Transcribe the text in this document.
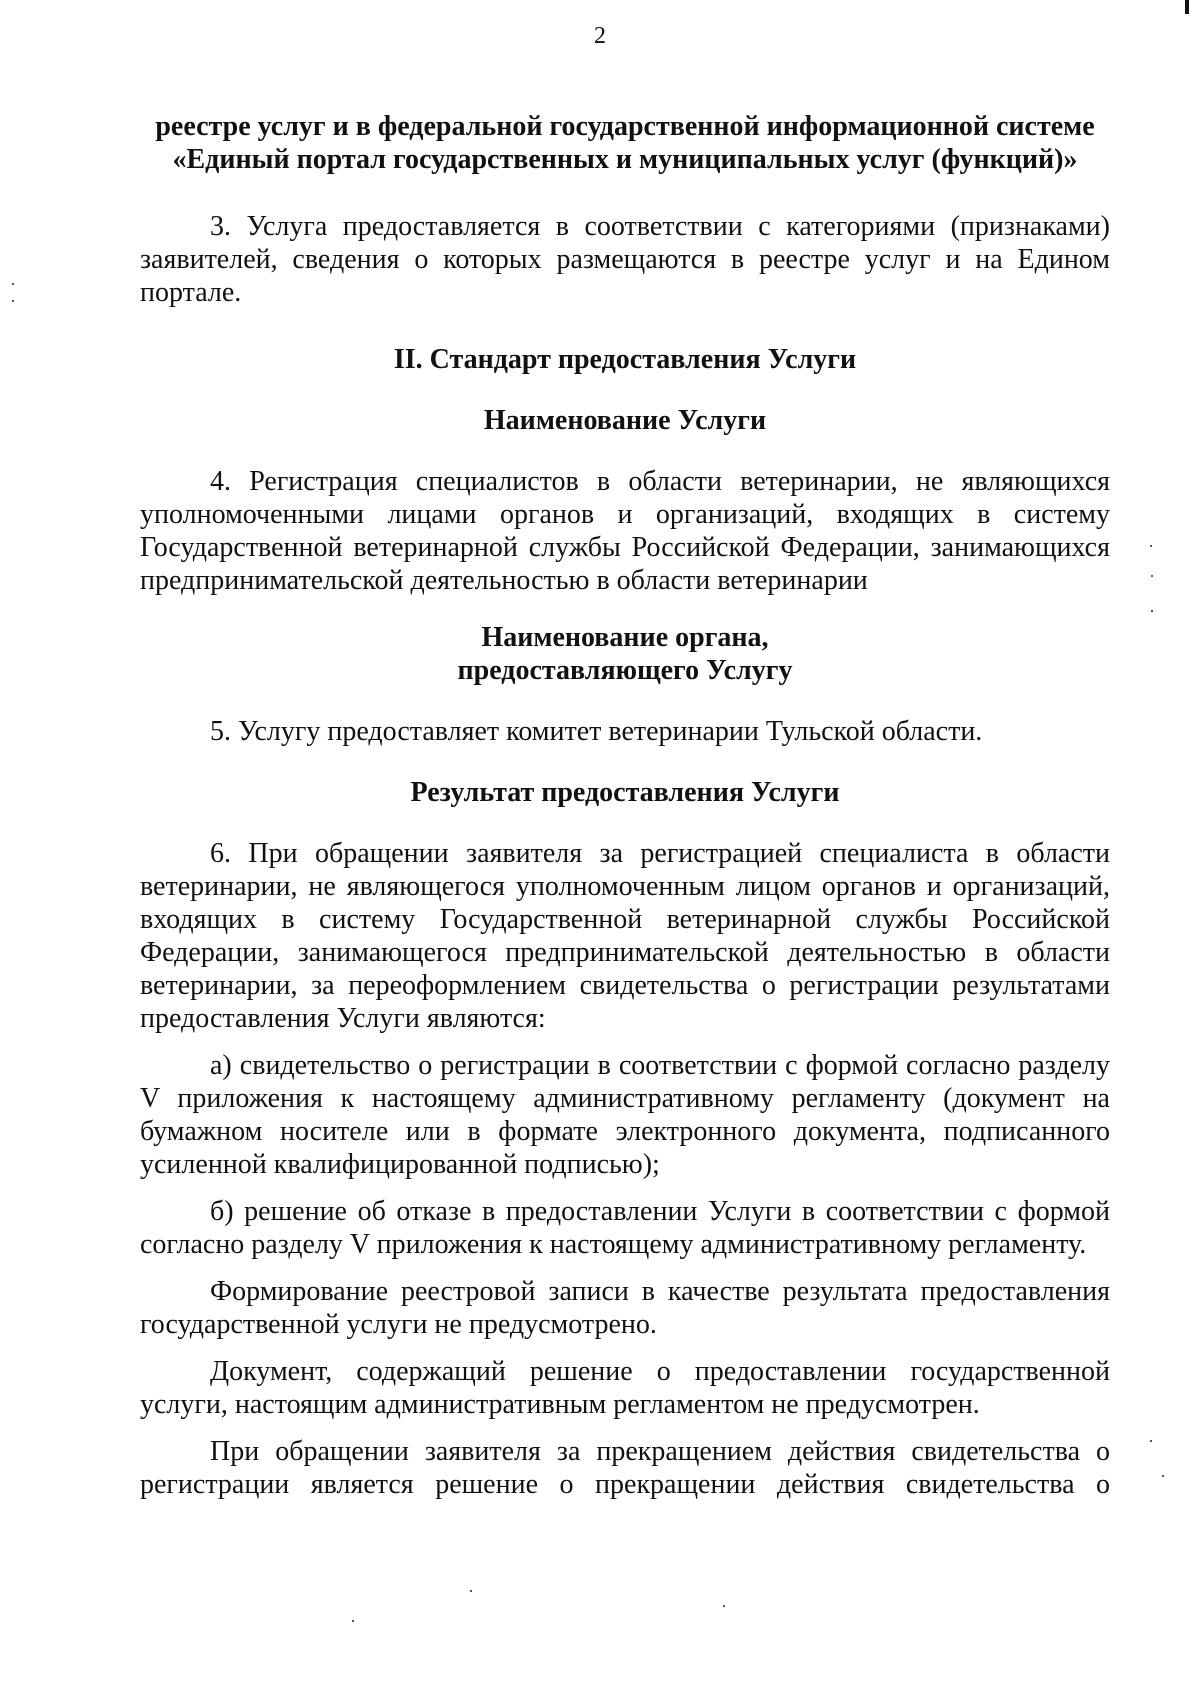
2
реестре услуг и в федеральной государственной информационной системе
«Единый портал государственных и муниципальных услуг (функций)»

3. Услуга предоставляется в соответствии с категориями (признаками) заявителей, сведения о которых размещаются в реестре услуг и на Едином портале.

II. Стандарт предоставления Услуги
Наименование Услуги

4. Регистрация специалистов в области ветеринарии, не являющихся уполномоченными лицами органов и организаций, входящих в систему Государственной ветеринарной службы Российской Федерации, занимающихся предпринимательской деятельностью в области ветеринарии

Наименование органа,
предоставляющего Услугу

5. Услугу предоставляет комитет ветеринарии Тульской области.

Результат предоставления Услуги

6. При обращении заявителя за регистрацией специалиста в области ветеринарии, не являющегося уполномоченным лицом органов и организаций, входящих в систему Государственной ветеринарной службы Российской Федерации, занимающегося предпринимательской деятельностью в области ветеринарии, за переоформлением свидетельства о регистрации результатами предоставления Услуги являются:

а) свидетельство о регистрации в соответствии с формой согласно разделу V приложения к настоящему административному регламенту (документ на бумажном носителе или в формате электронного документа, подписанного усиленной квалифицированной подписью);

б) решение об отказе в предоставлении Услуги в соответствии с формой согласно разделу V приложения к настоящему административному регламенту.

Формирование реестровой записи в качестве результата предоставления государственной услуги не предусмотрено.

Документ, содержащий решение о предоставлении государственной услуги, настоящим административным регламентом не предусмотрен.

При обращении заявителя за прекращением действия свидетельства о регистрации является решение о прекращении действия свидетельства о
